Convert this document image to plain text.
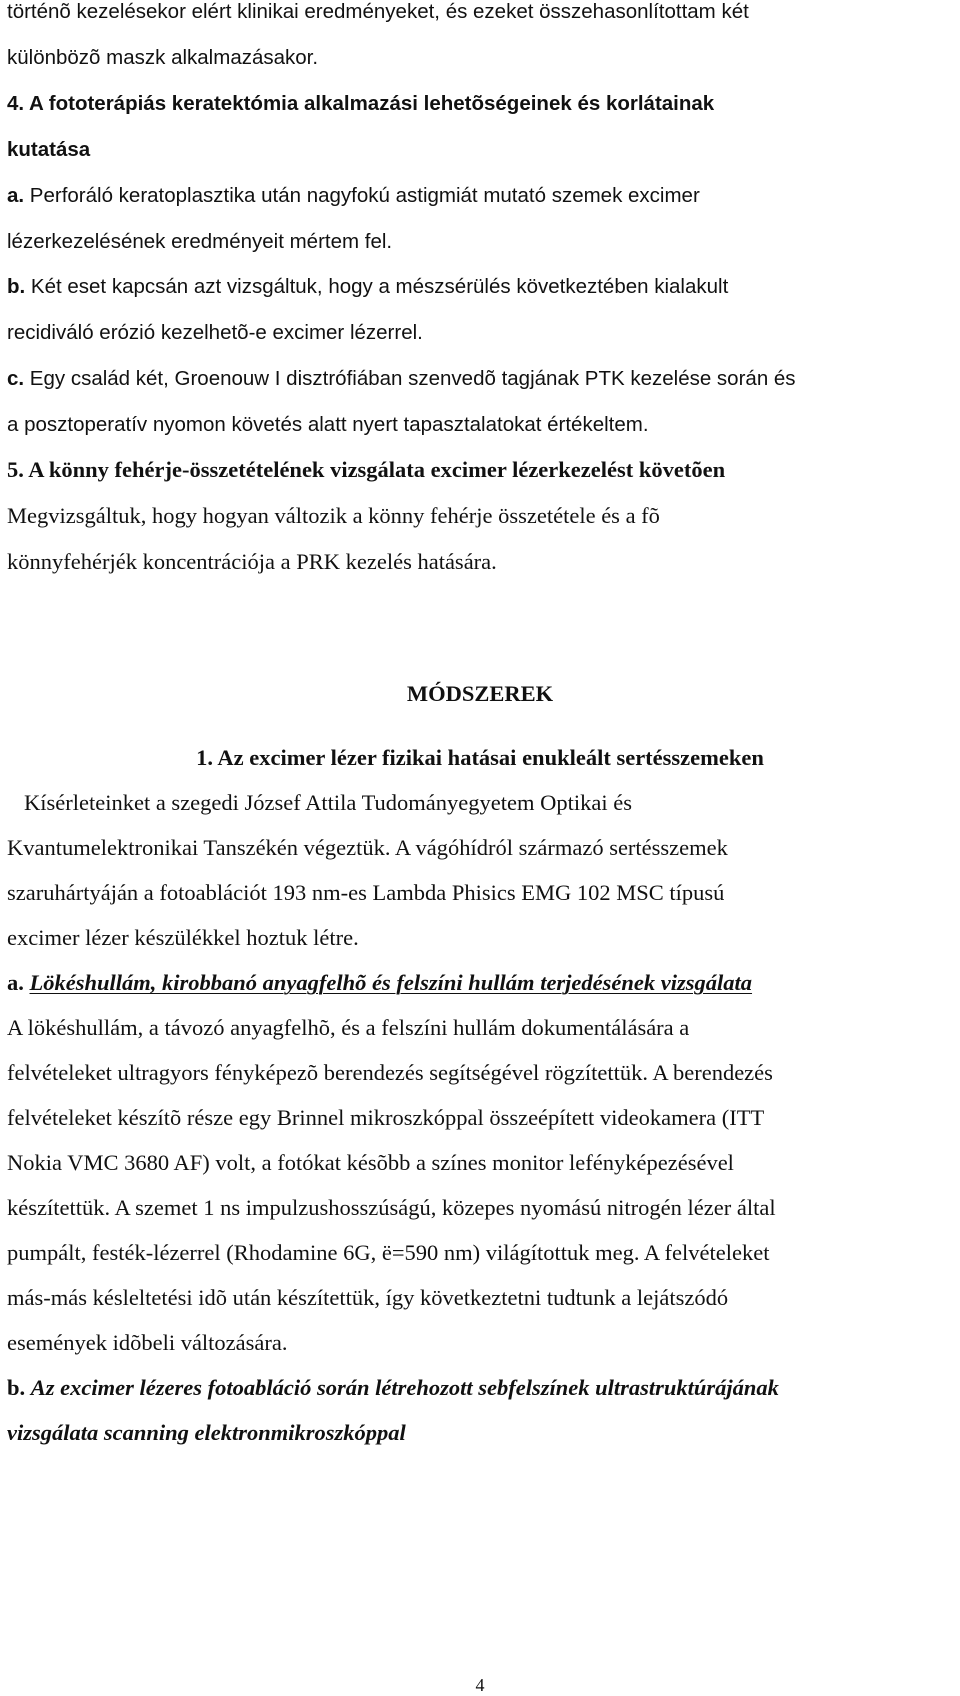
történõ kezelésekor elért klinikai eredményeket, és ezeket összehasonlítottam két
különbözõ maszk alkalmazásakor.
4. A fototerápiás keratektómia alkalmazási lehetõségeinek és korlátainak
kutatása
a. Perforáló keratoplasztika után nagyfokú astigmiát mutató szemek excimer
lézerkezelésének eredményeit mértem fel.
b. Két eset kapcsán azt vizsgáltuk, hogy a mészsérülés következtében kialakult
recidiváló erózió kezelhetõ-e excimer lézerrel.
c. Egy család két, Groenouw I disztrófiában szenvedõ tagjának PTK kezelése során és
a posztoperatív nyomon követés alatt nyert tapasztalatokat értékeltem.
5. A könny fehérje-összetételének vizsgálata excimer lézerkezelést követõen
Megvizsgáltuk, hogy hogyan változik a könny fehérje összetétele és a fõ
könnyfehérjék koncentrációja a PRK kezelés hatására.
MÓDSZEREK
1. Az excimer lézer fizikai hatásai enukleált sertésszemeken
Kísérleteinket a szegedi József Attila Tudományegyetem Optikai és
Kvantumelektronikai Tanszékén végeztük. A vágóhídról származó sertésszemek
szaruhártyáján a fotoablációt 193 nm-es Lambda Phisics EMG 102 MSC típusú
excimer lézer készülékkel hoztuk létre.
a. Lökéshullám, kirobbanó anyagfelhõ és felszíni hullám terjedésének vizsgálata
A lökéshullám, a távozó anyagfelhõ, és a felszíni hullám dokumentálására a
felvételeket ultragyors fényképezõ berendezés segítségével rögzítettük. A berendezés
felvételeket készítõ része egy Brinnel mikroszkóppal összeépített videokamera (ITT
Nokia VMC 3680 AF) volt, a fotókat késõbb a színes monitor lefényképezésével
készítettük. A szemet 1 ns impulzushosszúságú, közepes nyomású nitrogén lézer által
pumpált, festék-lézerrel (Rhodamine 6G, ë=590 nm) világítottuk meg. A felvételeket
más-más késleltetési idõ után készítettük, így következtetni tudtunk a lejátszódó
események idõbeli változására.
b. Az excimer lézeres fotoabláció során létrehozott sebfelszínek ultrastruktúrájának
vizsgálata scanning elektronmikroszkóppal
4
